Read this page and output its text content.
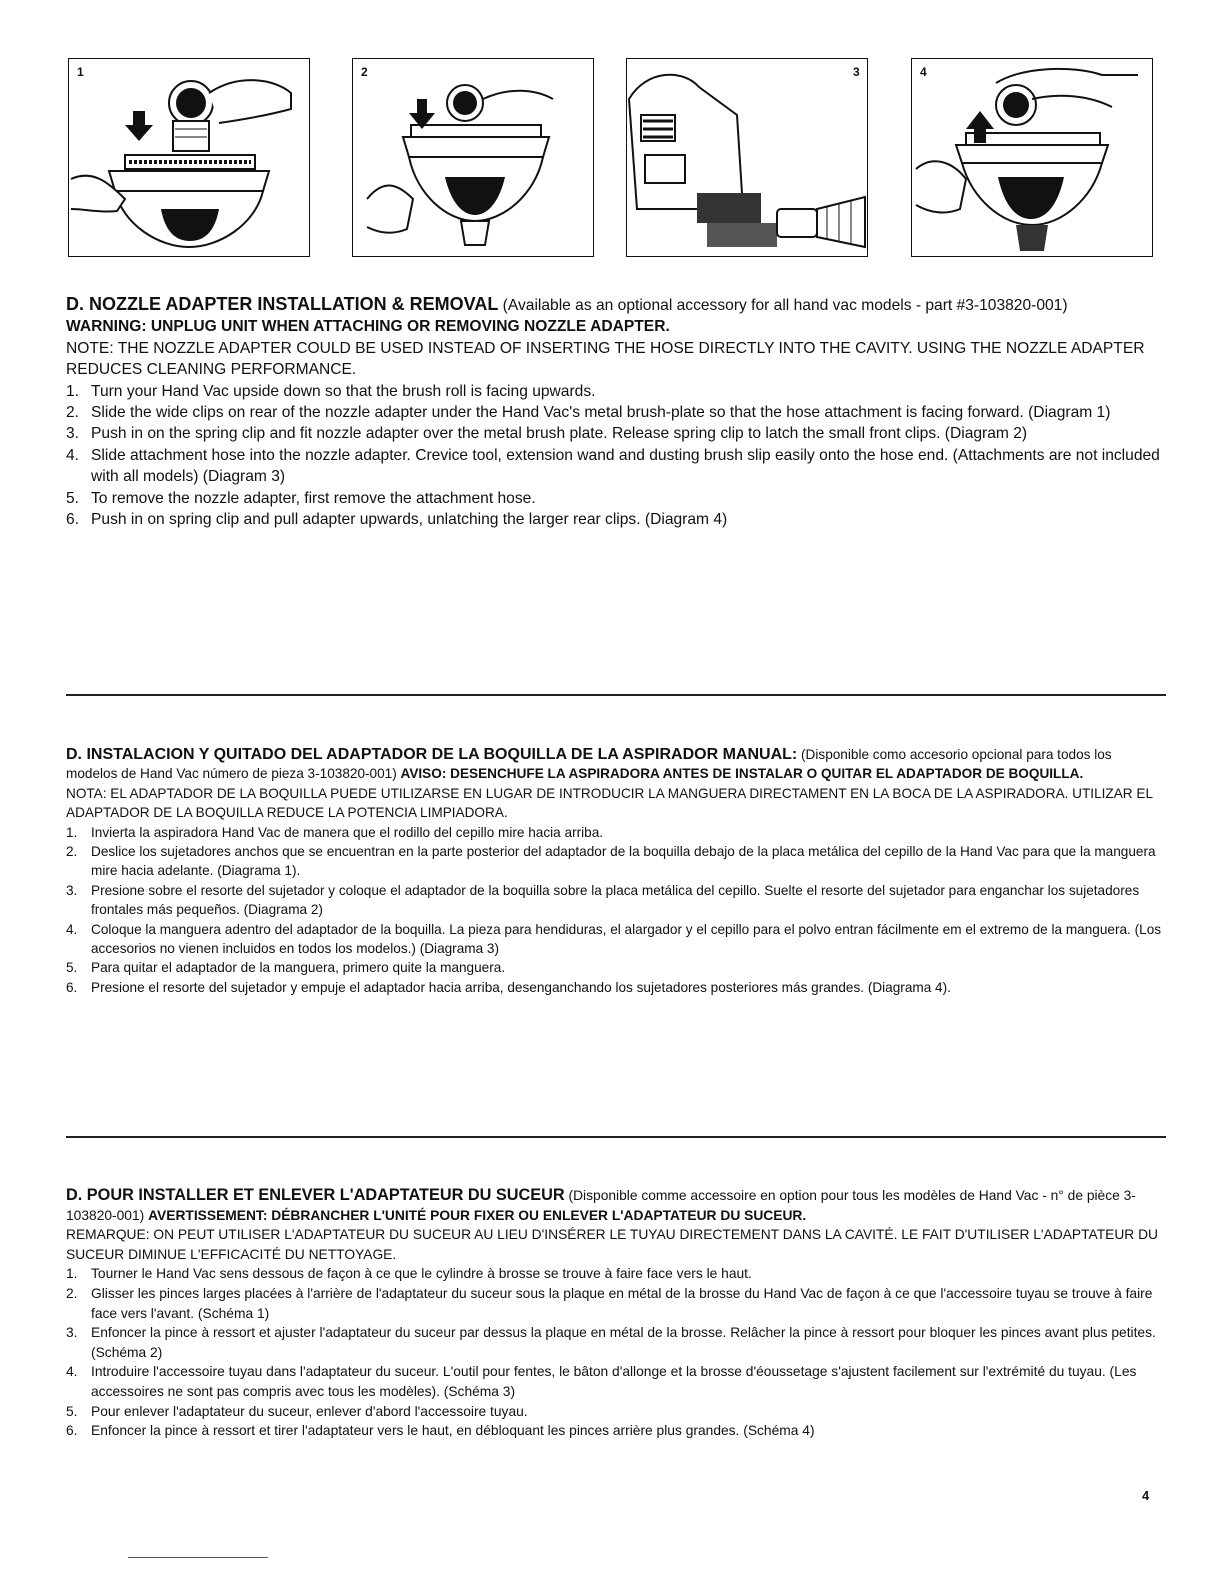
1	2	3	4
D. NOZZLE ADAPTER INSTALLATION & REMOVAL (Available as an optional accessory for all hand vac models - part #3-103820-001)
WARNING: UNPLUG UNIT WHEN ATTACHING OR REMOVING NOZZLE ADAPTER.
NOTE: THE NOZZLE ADAPTER COULD BE USED INSTEAD OF INSERTING THE HOSE DIRECTLY INTO THE CAVITY. USING THE NOZZLE ADAPTER REDUCES CLEANING PERFORMANCE.
1. Turn your Hand Vac upside down so that the brush roll is facing upwards.
2. Slide the wide clips on rear of the nozzle adapter under the Hand Vac's metal brush-plate so that the hose attachment is facing forward. (Diagram 1)
3. Push in on the spring clip and fit nozzle adapter over the metal brush plate. Release spring clip to latch the small front clips. (Diagram 2)
4. Slide attachment hose into the nozzle adapter. Crevice tool, extension wand and dusting brush slip easily onto the hose end. (Attachments are not included with all models) (Diagram 3)
5. To remove the nozzle adapter, first remove the attachment hose.
6. Push in on spring clip and pull adapter upwards, unlatching the larger rear clips. (Diagram 4)
D. INSTALACION Y QUITADO DEL ADAPTADOR DE LA BOQUILLA DE LA ASPIRADOR MANUAL: (Disponible como accesorio opcional para todos los modelos de Hand Vac número de pieza 3-103820-001) AVISO: DESENCHUFE LA ASPIRADORA ANTES DE INSTALAR O QUITAR EL ADAPTADOR DE BOQUILLA.
NOTA: EL ADAPTADOR DE LA BOQUILLA PUEDE UTILIZARSE EN LUGAR DE INTRODUCIR LA MANGUERA DIRECTAMENT EN LA BOCA DE LA ASPIRADORA. UTILIZAR EL ADAPTADOR DE LA BOQUILLA REDUCE LA POTENCIA LIMPIADORA.
1. Invierta la aspiradora Hand Vac de manera que el rodillo del cepillo mire hacia arriba.
2. Deslice los sujetadores anchos que se encuentran en la parte posterior del adaptador de la boquilla debajo de la placa metálica del cepillo de la Hand Vac para que la manguera mire hacia adelante. (Diagrama 1).
3. Presione sobre el resorte del sujetador y coloque el adaptador de la boquilla sobre la placa metálica del cepillo. Suelte el resorte del sujetador para enganchar los sujetadores frontales más pequeños. (Diagrama 2)
4. Coloque la manguera adentro del adaptador de la boquilla. La pieza para hendiduras, el alargador y el cepillo para el polvo entran fácilmente em el extremo de la manguera. (Los accesorios no vienen incluidos en todos los modelos.) (Diagrama 3)
5. Para quitar el adaptador de la manguera, primero quite la manguera.
6. Presione el resorte del sujetador y empuje el adaptador hacia arriba, desenganchando los sujetadores posteriores más grandes. (Diagrama 4).
D. POUR INSTALLER ET ENLEVER L'ADAPTATEUR DU SUCEUR (Disponible comme accessoire en option pour tous les modèles de Hand Vac - n° de pièce 3-103820-001) AVERTISSEMENT: DÉBRANCHER L'UNITÉ POUR FIXER OU ENLEVER L'ADAPTATEUR DU SUCEUR.
REMARQUE: ON PEUT UTILISER L'ADAPTATEUR DU SUCEUR AU LIEU D'INSÉRER LE TUYAU DIRECTEMENT DANS LA CAVITÉ. LE FAIT D'UTILISER L'ADAPTATEUR DU SUCEUR DIMINUE L'EFFICACITÉ DU NETTOYAGE.
1. Tourner le Hand Vac sens dessous de façon à ce que le cylindre à brosse se trouve à faire face vers le haut.
2. Glisser les pinces larges placées à l'arrière de l'adaptateur du suceur sous la plaque en métal de la brosse du Hand Vac de façon à ce que l'accessoire tuyau se trouve à faire face vers l'avant. (Schéma 1)
3. Enfoncer la pince à ressort et ajuster l'adaptateur du suceur par dessus la plaque en métal de la brosse. Relâcher la pince à ressort pour bloquer les pinces avant plus petites. (Schéma 2)
4. Introduire l'accessoire tuyau dans l'adaptateur du suceur. L'outil pour fentes, le bâton d'allonge et la brosse d'éoussetage s'ajustent facilement sur l'extrémité du tuyau. (Les accessoires ne sont pas compris avec tous les modèles). (Schéma 3)
5. Pour enlever l'adaptateur du suceur, enlever d'abord l'accessoire tuyau.
6. Enfoncer la pince à ressort et tirer l'adaptateur vers le haut, en débloquant les pinces arrière plus grandes. (Schéma 4)
4
